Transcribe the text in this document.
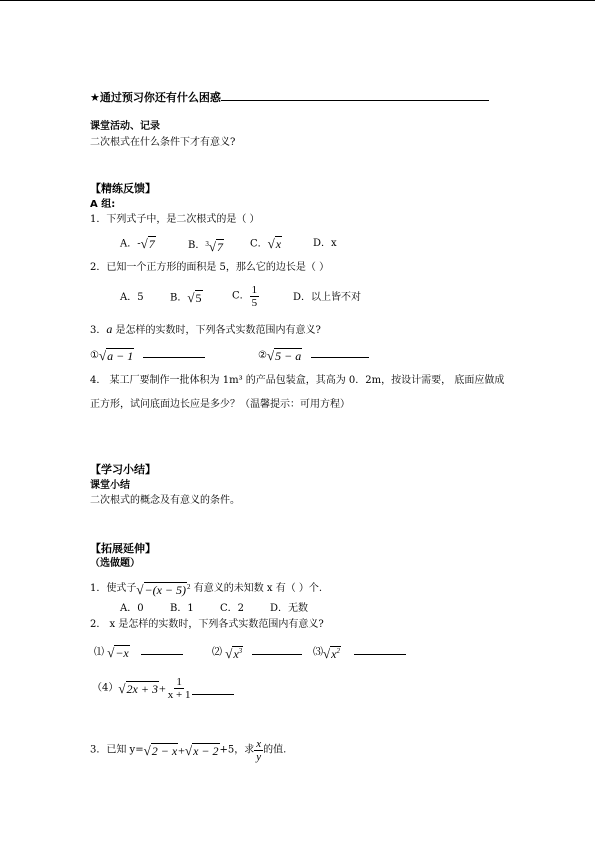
★通过预习你还有什么困惑
课堂活动、记录
二次根式在什么条件下才有意义?
【精练反馈】
A 组:
1．下列式子中，是二次根式的是（ ）
A．-√7	B．$^3$√7	C．√x	D．x
2．已知一个正方形的面积是 5，那么它的边长是（ ）
A．5	B．√5	C． $\frac{1}{5}$	D．以上皆不对
3．a 是怎样的实数时，下列各式实数范围内有意义?
①√a − 1	②√5 − a
4． 某工厂要制作一批体积为 1m³ 的产品包装盒，其高为 0．2m，按设计需要， 底面应做成正方形，试问底面边长应是多少？（温馨提示：可用方程）
【学习小结】
课堂小结
二次根式的概念及有意义的条件。
【拓展延伸】
（选做题）
1．使式子$√-(x - 5)^2$ 有意义的未知数 x 有（ ）个.
A．0	B．1	C．2	D．无数
2． x 是怎样的实数时，下列各式实数范围内有意义?
⑴ √−x	⑵ $√x^3$	$⑶√x^2$
$(4)√2x + 3+ \frac{1}{x + 1}$
3．已知 y=√2 − x+√x − 2+5，求 $\frac{x}{y}$ 的值.
